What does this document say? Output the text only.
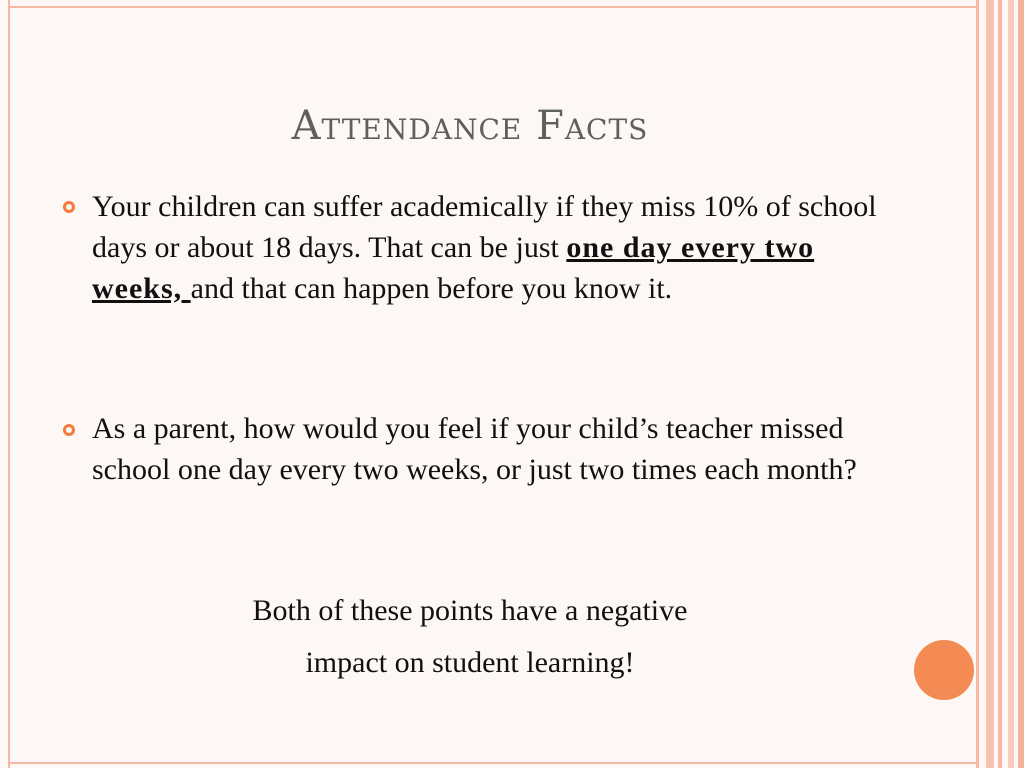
Attendance Facts
Your children can suffer academically if they miss 10% of school days or about 18 days. That can be just one day every two weeks, and that can happen before you know it.
As a parent, how would you feel if your child’s teacher missed school one day every two weeks, or just two times each month?
Both of these points have a negative
impact on student learning!
